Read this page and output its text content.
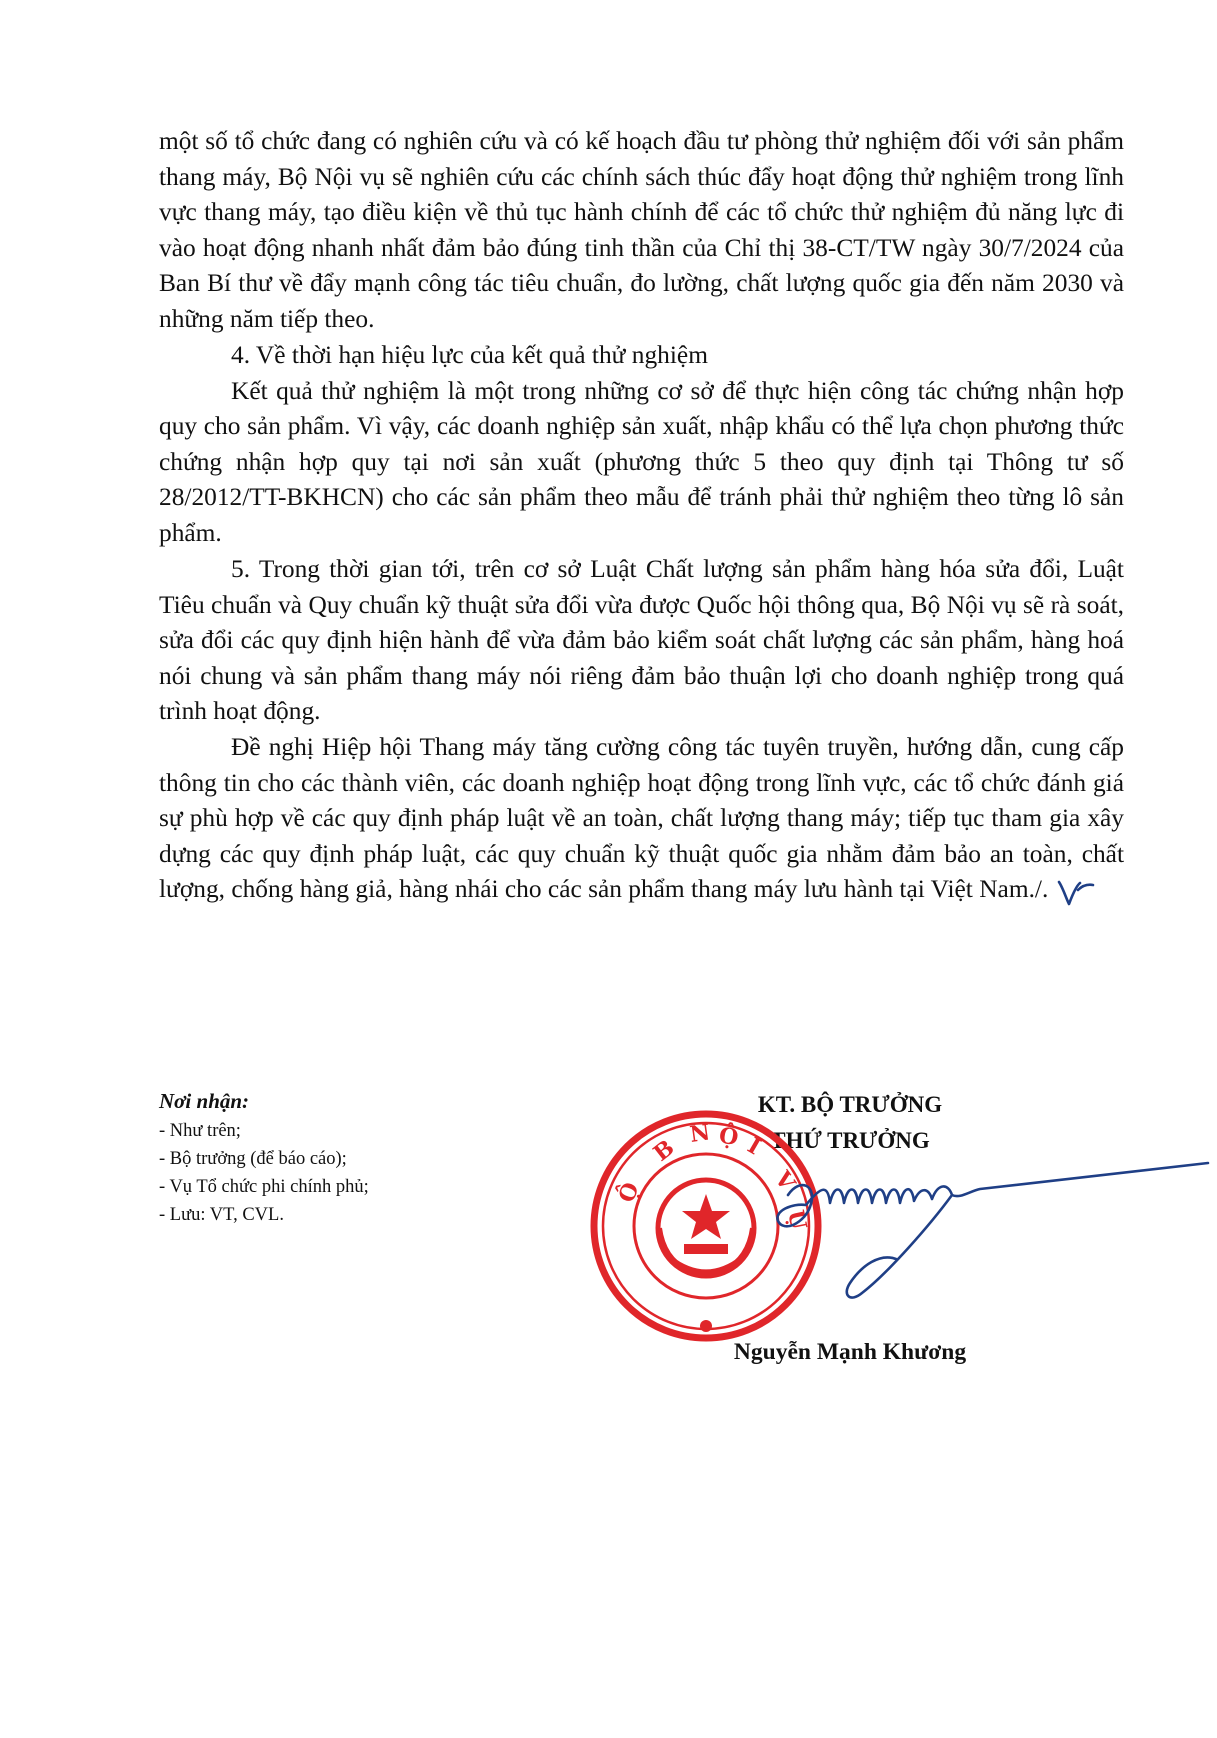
một số tổ chức đang có nghiên cứu và có kế hoạch đầu tư phòng thử nghiệm đối với sản phẩm thang máy, Bộ Nội vụ sẽ nghiên cứu các chính sách thúc đẩy hoạt động thử nghiệm trong lĩnh vực thang máy, tạo điều kiện về thủ tục hành chính để các tổ chức thử nghiệm đủ năng lực đi vào hoạt động nhanh nhất đảm bảo đúng tinh thần của Chỉ thị 38-CT/TW ngày 30/7/2024 của Ban Bí thư về đẩy mạnh công tác tiêu chuẩn, đo lường, chất lượng quốc gia đến năm 2030 và những năm tiếp theo.

4. Về thời hạn hiệu lực của kết quả thử nghiệm

Kết quả thử nghiệm là một trong những cơ sở để thực hiện công tác chứng nhận hợp quy cho sản phẩm. Vì vậy, các doanh nghiệp sản xuất, nhập khẩu có thể lựa chọn phương thức chứng nhận hợp quy tại nơi sản xuất (phương thức 5 theo quy định tại Thông tư số 28/2012/TT-BKHCN) cho các sản phẩm theo mẫu để tránh phải thử nghiệm theo từng lô sản phẩm.

5. Trong thời gian tới, trên cơ sở Luật Chất lượng sản phẩm hàng hóa sửa đổi, Luật Tiêu chuẩn và Quy chuẩn kỹ thuật sửa đổi vừa được Quốc hội thông qua, Bộ Nội vụ sẽ rà soát, sửa đổi các quy định hiện hành để vừa đảm bảo kiểm soát chất lượng các sản phẩm, hàng hoá nói chung và sản phẩm thang máy nói riêng đảm bảo thuận lợi cho doanh nghiệp trong quá trình hoạt động.

Đề nghị Hiệp hội Thang máy tăng cường công tác tuyên truyền, hướng dẫn, cung cấp thông tin cho các thành viên, các doanh nghiệp hoạt động trong lĩnh vực, các tổ chức đánh giá sự phù hợp về các quy định pháp luật về an toàn, chất lượng thang máy; tiếp tục tham gia xây dựng các quy định pháp luật, các quy chuẩn kỹ thuật quốc gia nhằm đảm bảo an toàn, chất lượng, chống hàng giả, hàng nhái cho các sản phẩm thang máy lưu hành tại Việt Nam./.

Nơi nhận:
- Như trên;
- Bộ trưởng (để báo cáo);
- Vụ Tổ chức phi chính phủ;
- Lưu: VT, CVL.
KT. BỘ TRƯỞNG
THỨ TRƯỞNG
B
Ộ
N Ộ I
V
Ụ
Nguyễn Mạnh Khương
